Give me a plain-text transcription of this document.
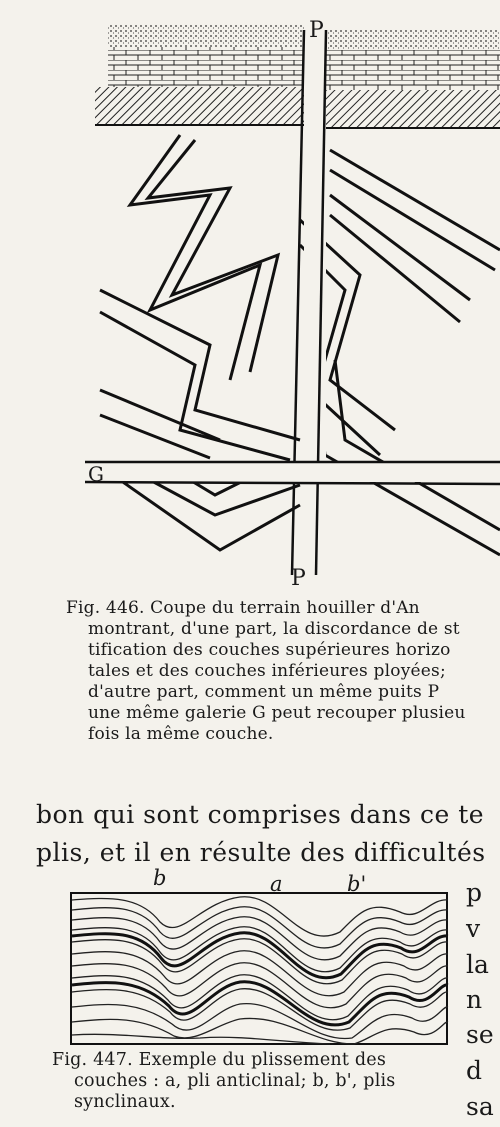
P
G
P
Fig. 446. Coupe du terrain houiller d'An
montrant, d'une part, la discordance de st
tification des couches supérieures horizo
tales et des couches inférieures ployées;
d'autre part, comment un même puits P
une même galerie G peut recouper plusieu
fois la même couche.
bon qui sont comprises dans ce te
plis, et il en résulte des difficultés
b	a	b'
Fig. 447. Exemple du plissement des
couches : a, pli anticlinal; b, b', plis
synclinaux.
p
v
la
n
se
d
sa
